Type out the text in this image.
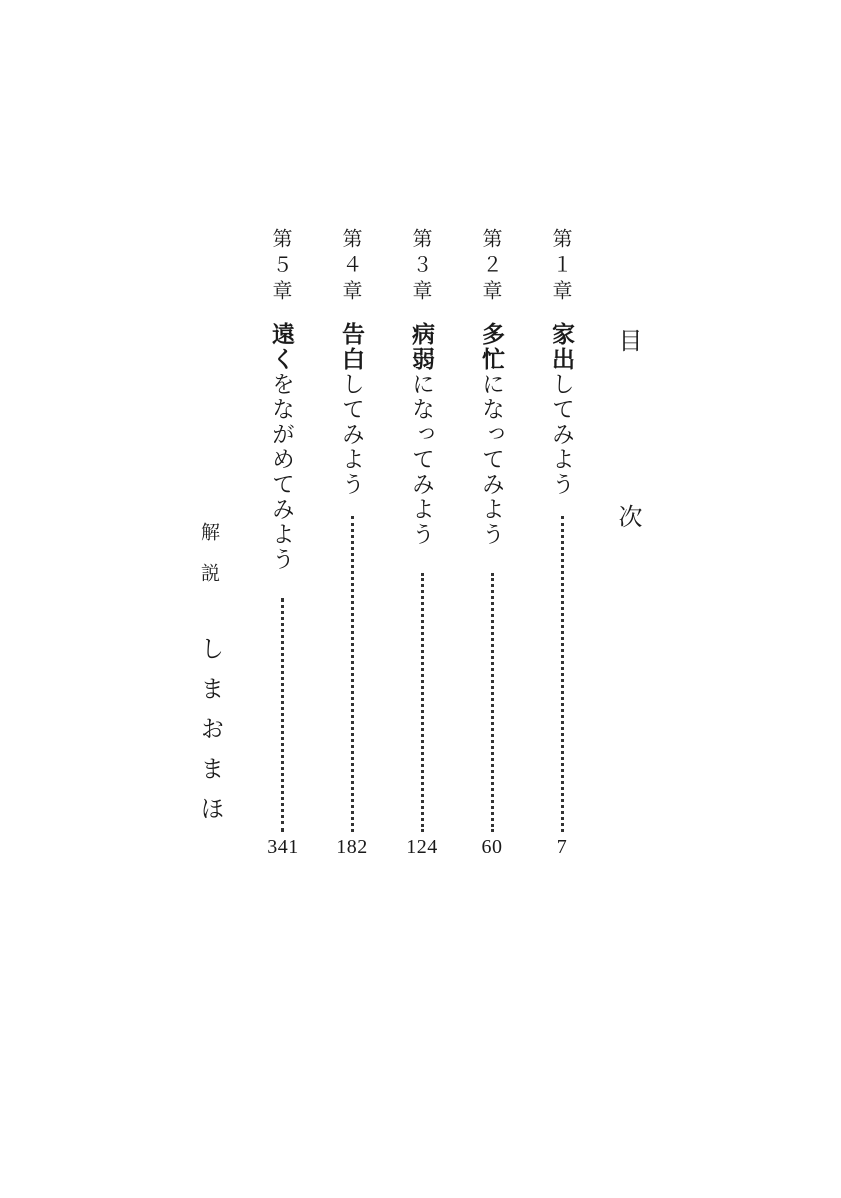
目　次
第１章
家出してみよう
7
第２章
多忙になってみよう
60
第３章
病弱になってみよう
124
第４章
告白してみよう
182
第５章
遠くをながめてみよう
341
解説
しまおまほ
